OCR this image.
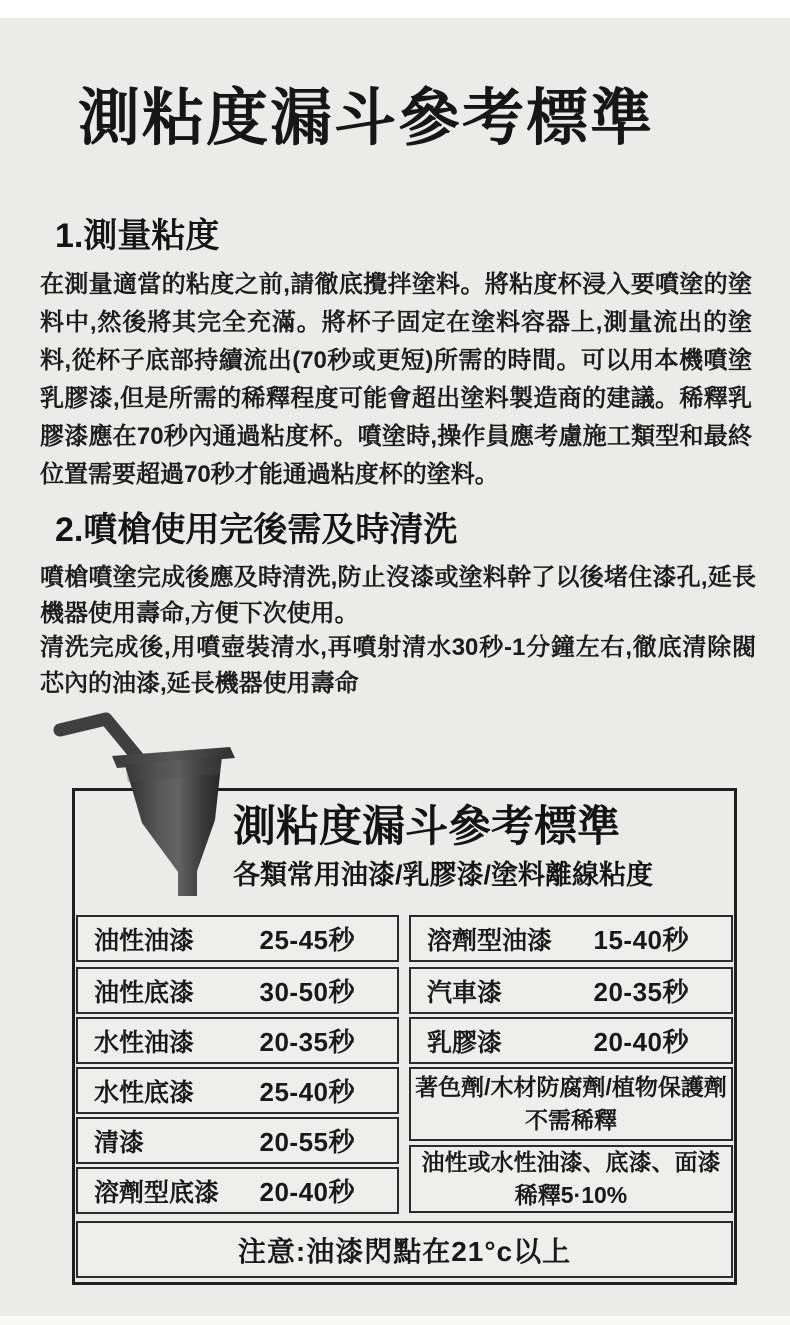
測粘度漏斗參考標準
1.測量粘度

在測量適當的粘度之前,請徹底攪拌塗料。將粘度杯浸入要噴塗的塗料中,然後將其完全充滿。將杯子固定在塗料容器上,測量流出的塗料,從杯子底部持續流出(70秒或更短)所需的時間。可以用本機噴塗乳膠漆,但是所需的稀釋程度可能會超出塗料製造商的建議。稀釋乳膠漆應在70秒內通過粘度杯。噴塗時,操作員應考慮施工類型和最終位置需要超過70秒才能通過粘度杯的塗料。

2.噴槍使用完後需及時清洗

噴槍噴塗完成後應及時清洗,防止沒漆或塗料幹了以後堵住漆孔,延長機器使用壽命,方便下次使用。

清洗完成後,用噴壺裝清水,再噴射清水30秒-1分鐘左右,徹底清除閥芯內的油漆,延長機器使用壽命

測粘度漏斗參考標準
各類常用油漆/乳膠漆/塗料離線粘度
油性油漆	25-45秒
油性底漆	30-50秒
水性油漆	20-35秒
水性底漆	25-40秒
清漆	20-55秒
溶劑型底漆 20-40秒
溶劑型油漆 15-40秒
汽車漆	20-35秒
乳膠漆	20-40秒
著色劑/木材防腐劑/植物保護劑
不需稀釋
油性或水性油漆、底漆、面漆
稀釋5·10%
注意:油漆閃點在21°c以上
